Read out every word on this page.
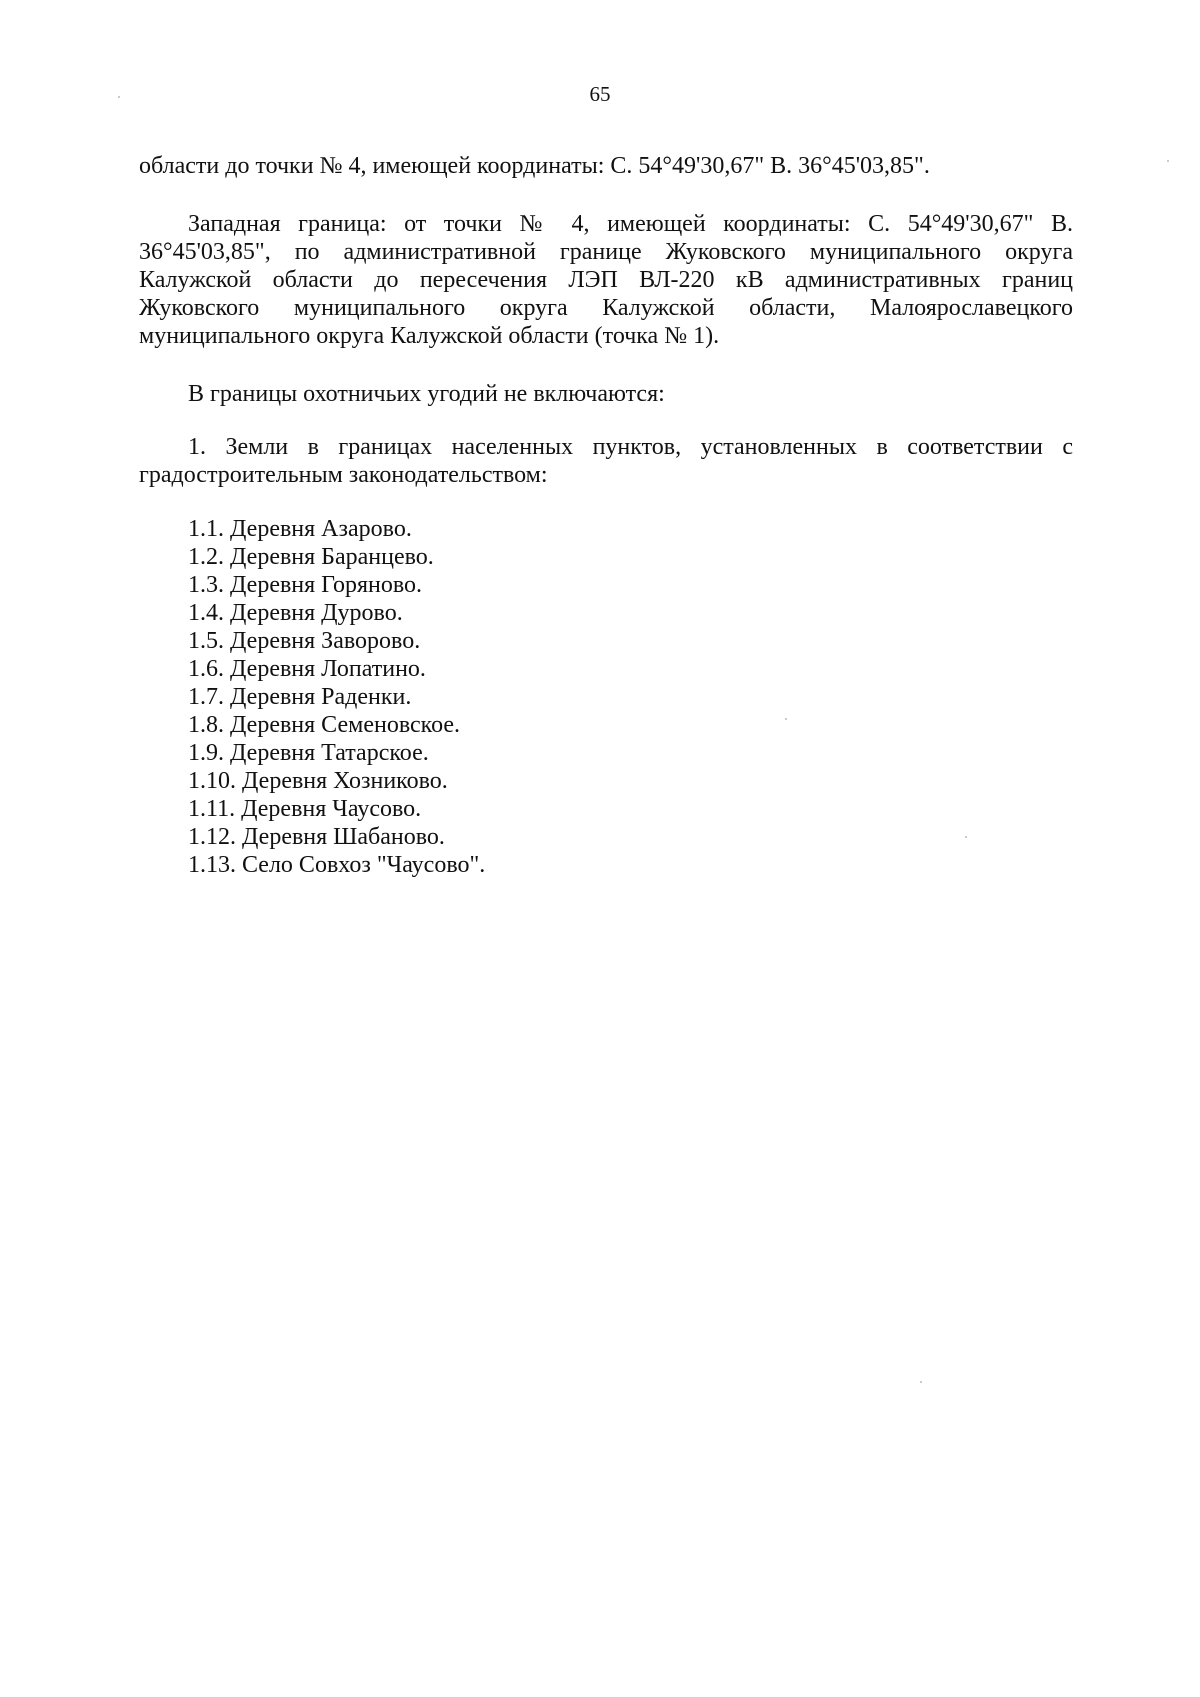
65

области до точки № 4, имеющей координаты: С. 54°49'30,67" В. 36°45'03,85".

Западная граница: от точки № 4, имеющей координаты: С. 54°49'30,67" В. 36°45'03,85", по административной границе Жуковского муниципального округа Калужской области до пересечения ЛЭП ВЛ-220 кВ административных границ Жуковского муниципального округа Калужской области, Малоярославецкого муниципального округа Калужской области (точка № 1).

В границы охотничьих угодий не включаются:

1. Земли в границах населенных пунктов, установленных в соответствии с градостроительным законодательством:

1.1. Деревня Азарово.

1.2. Деревня Баранцево.

1.3. Деревня Горяново.

1.4. Деревня Дурово.

1.5. Деревня Заворово.

1.6. Деревня Лопатино.

1.7. Деревня Раденки.

1.8. Деревня Семеновское.

1.9. Деревня Татарское.

1.10. Деревня Хозниково.

1.11. Деревня Чаусово.

1.12. Деревня Шабаново.

1.13. Село Совхоз "Чаусово".
